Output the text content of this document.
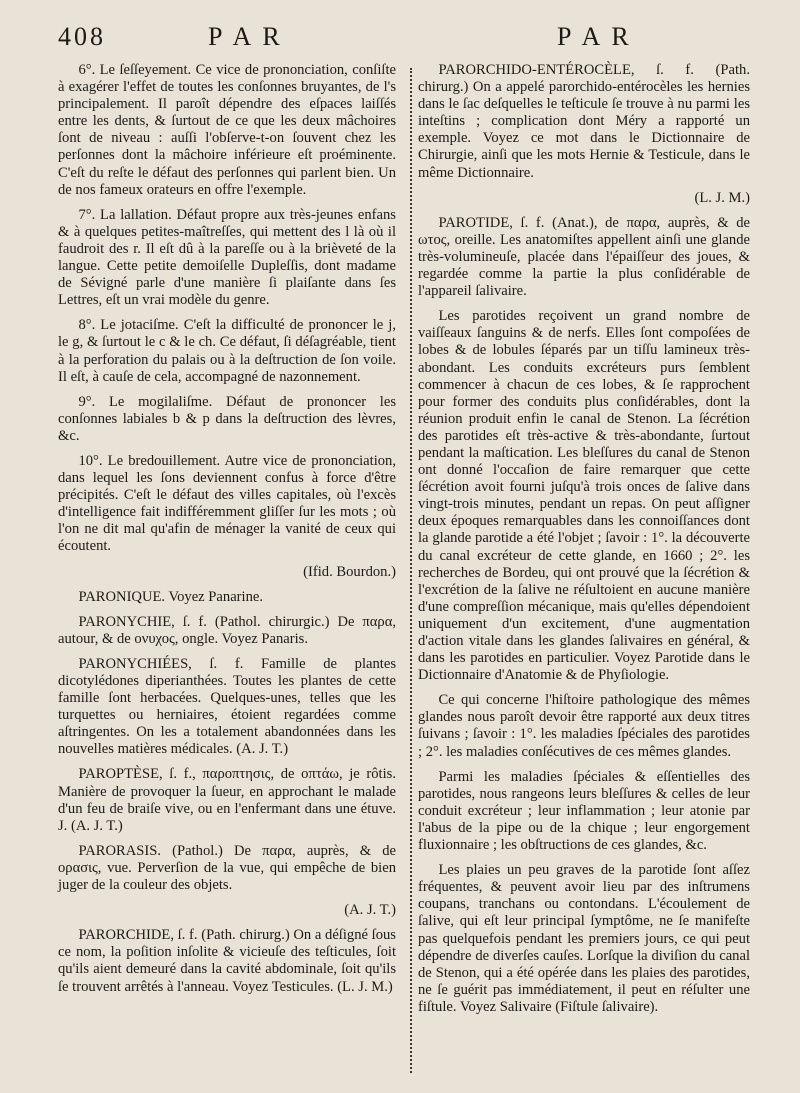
408	P A R	P A R

6°. Le ſeſſeyement. Ce vice de prononciation, conſiſte à exagérer l'effet de toutes les conſonnes bruyantes, de l's principalement. Il paroît dépendre des eſpaces laiſſés entre les dents, & ſurtout de ce que les deux mâchoires ſont de niveau : auſſi l'obſerve-t-on ſouvent chez les perſonnes dont la mâchoire inférieure eſt proéminente. C'eſt du reſte le défaut des perſonnes qui parlent bien. Un de nos fameux orateurs en offre l'exemple.

7°. La lallation. Défaut propre aux très-jeunes enfans & à quelques petites-maîtreſſes, qui mettent des l là où il faudroit des r. Il eſt dû à la pareſſe ou à la brièveté de la langue. Cette petite demoiſelle Dupleſſis, dont madame de Sévigné parle d'une manière ſi plaiſante dans ſes Lettres, eſt un vrai modèle du genre.

8°. Le jotaciſme. C'eſt la difficulté de prononcer le j, le g, & ſurtout le c & le ch. Ce défaut, ſi déſagréable, tient à la perforation du palais ou à la deſtruction de ſon voile. Il eſt, à cauſe de cela, accompagné de nazonnement.

9°. Le mogilaliſme. Défaut de prononcer les conſonnes labiales b & p dans la deſtruction des lèvres, &c.

10°. Le bredouillement. Autre vice de prononciation, dans lequel les ſons deviennent confus à force d'être précipités. C'eſt le défaut des villes capitales, où l'excès d'intelligence fait indifféremment gliſſer ſur les mots ; où l'on ne dit mal qu'afin de ménager la vanité de ceux qui écoutent.

(Ifid. Bourdon.)

PARONIQUE. Voyez Panarine.

PARONYCHIE, ſ. f. (Pathol. chirurgic.) De παρα, autour, & de ονυχος, ongle. Voyez Panaris.

PARONYCHIÉES, ſ. f. Famille de plantes dicotylédones diperianthées. Toutes les plantes de cette famille ſont herbacées. Quelques-unes, telles que les turquettes ou herniaires, étoient regardées comme aſtringentes. On les a totalement abandonnées dans les nouvelles matières médicales. (A. J. T.)

PAROPTÈSE, ſ. f., παροπτησις, de οπτάω, je rôtis. Manière de provoquer la ſueur, en approchant le malade d'un feu de braiſe vive, ou en l'enfermant dans une étuve. J. (A. J. T.)

PARORASIS. (Pathol.) De παρα, auprès, & de ορασις, vue. Perverſion de la vue, qui empêche de bien juger de la couleur des objets.

(A. J. T.)

PARORCHIDE, ſ. f. (Path. chirurg.) On a déſigné ſous ce nom, la poſition inſolite & vicieuſe des teſticules, ſoit qu'ils aient demeuré dans la cavité abdominale, ſoit qu'ils ſe trouvent arrêtés à l'anneau. Voyez Testicules. (L. J. M.)

PARORCHIDO-ENTÉROCÈLE, ſ. f. (Path. chirurg.) On a appelé parorchido-entérocèles les hernies dans le ſac deſquelles le teſticule ſe trouve à nu parmi les inteſtins ; complication dont Méry a rapporté un exemple. Voyez ce mot dans le Dictionnaire de Chirurgie, ainſi que les mots Hernie & Testicule, dans le même Dictionnaire.

(L. J. M.)

PAROTIDE, ſ. f. (Anat.), de παρα, auprès, & de ωτος, oreille. Les anatomiſtes appellent ainſi une glande très-volumineuſe, placée dans l'épaiſſeur des joues, & regardée comme la partie la plus conſidérable de l'appareil ſalivaire.

Les parotides reçoivent un grand nombre de vaiſſeaux ſanguins & de nerfs. Elles ſont compoſées de lobes & de lobules ſéparés par un tiſſu lamineux très-abondant. Les conduits excréteurs purs ſemblent commencer à chacun de ces lobes, & ſe rapprochent pour former des conduits plus conſidérables, dont la réunion produit enfin le canal de Stenon. La ſécrétion des parotides eſt très-active & très-abondante, ſurtout pendant la maſtication. Les bleſſures du canal de Stenon ont donné l'occaſion de faire remarquer que cette ſécrétion avoit fourni juſqu'à trois onces de ſalive dans vingt-trois minutes, pendant un repas. On peut aſſigner deux époques remarquables dans les connoiſſances dont la glande parotide a été l'objet ; ſavoir : 1°. la découverte du canal excréteur de cette glande, en 1660 ; 2°. les recherches de Bordeu, qui ont prouvé que la ſécrétion & l'excrétion de la ſalive ne réſultoient en aucune manière d'une compreſſion mécanique, mais qu'elles dépendoient uniquement d'un excitement, d'une augmentation d'action vitale dans les glandes ſalivaires en général, & dans les parotides en particulier. Voyez Parotide dans le Dictionnaire d'Anatomie & de Phyſiologie.

Ce qui concerne l'hiſtoire pathologique des mêmes glandes nous paroît devoir être rapporté aux deux titres ſuivans ; ſavoir : 1°. les maladies ſpéciales des parotides ; 2°. les maladies conſécutives de ces mêmes glandes.

Parmi les maladies ſpéciales & eſſentielles des parotides, nous rangeons leurs bleſſures & celles de leur conduit excréteur ; leur inflammation ; leur atonie par l'abus de la pipe ou de la chique ; leur engorgement fluxionnaire ; les obſtructions de ces glandes, &c.

Les plaies un peu graves de la parotide ſont aſſez fréquentes, & peuvent avoir lieu par des inſtrumens coupans, tranchans ou contondans. L'écoulement de ſalive, qui eſt leur principal ſymptôme, ne ſe manifeſte pas quelquefois pendant les premiers jours, ce qui peut dépendre de diverſes cauſes. Lorſque la diviſion du canal de Stenon, qui a été opérée dans les plaies des parotides, ne ſe guérit pas immédiatement, il peut en réſulter une fiſtule. Voyez Salivaire (Fiſtule ſalivaire).
